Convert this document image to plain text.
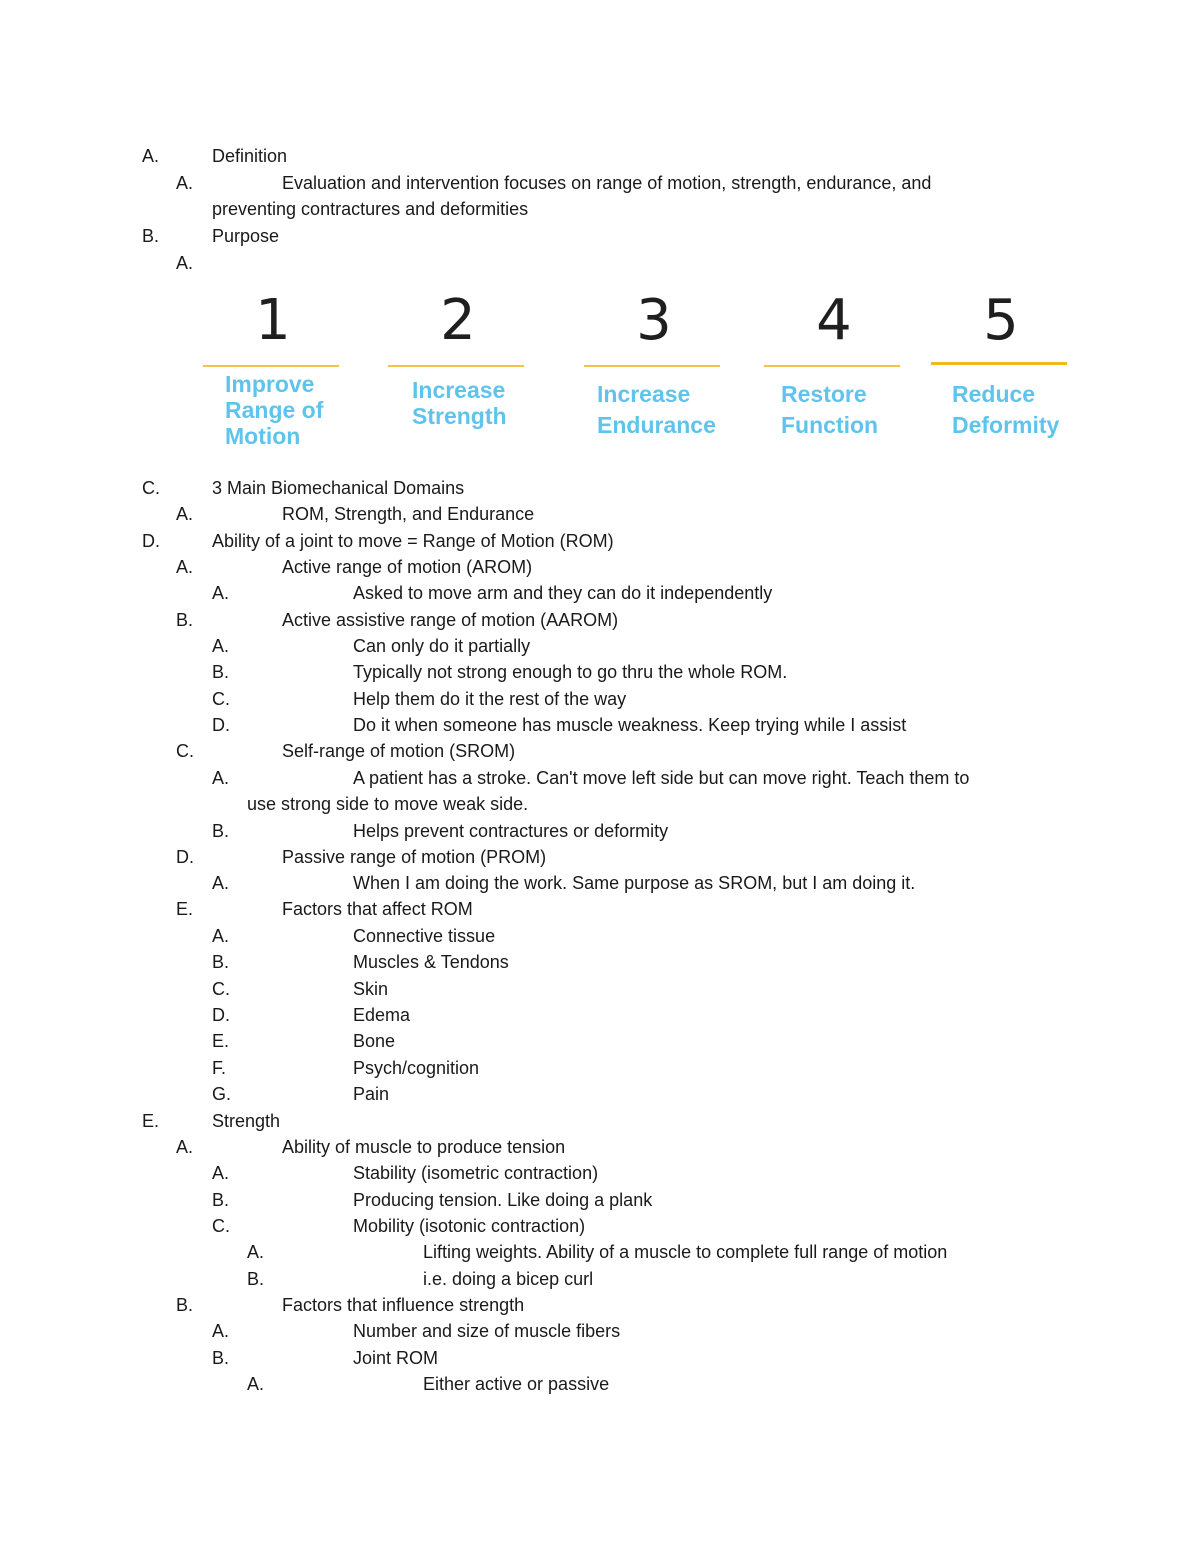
A.	Definition
A.	Evaluation and intervention focuses on range of motion, strength, endurance, and
preventing contractures and deformities
B.	Purpose
A.
1
Improve
Range of
Motion
2
Increase
Strength
3
Increase
Endurance
4
Restore
Function
5
Reduce
Deformity
C.	3 Main Biomechanical Domains
A.	ROM, Strength, and Endurance
D.	Ability of a joint to move = Range of Motion (ROM)
A.	Active range of motion (AROM)
A.	Asked to move arm and they can do it independently
B.	Active assistive range of motion (AAROM)
A.	Can only do it partially
B.	Typically not strong enough to go thru the whole ROM.
C.	Help them do it the rest of the way
D.	Do it when someone has muscle weakness. Keep trying while I assist
C.	Self-range of motion (SROM)
A.	A patient has a stroke. Can't move left side but can move right. Teach them to
use strong side to move weak side.
B.	Helps prevent contractures or deformity
D.	Passive range of motion (PROM)
A.	When I am doing the work. Same purpose as SROM, but I am doing it.
E.	Factors that affect ROM
A.	Connective tissue
B.	Muscles & Tendons
C.	Skin
D.	Edema
E.	Bone
F.	Psych/cognition
G.	Pain
E.	Strength
A.	Ability of muscle to produce tension
A.	Stability (isometric contraction)
B.	Producing tension. Like doing a plank
C.	Mobility (isotonic contraction)
A.	Lifting weights. Ability of a muscle to complete full range of motion
B.	i.e. doing a bicep curl
B.	Factors that influence strength
A.	Number and size of muscle fibers
B.	Joint ROM
A.	Either active or passive
